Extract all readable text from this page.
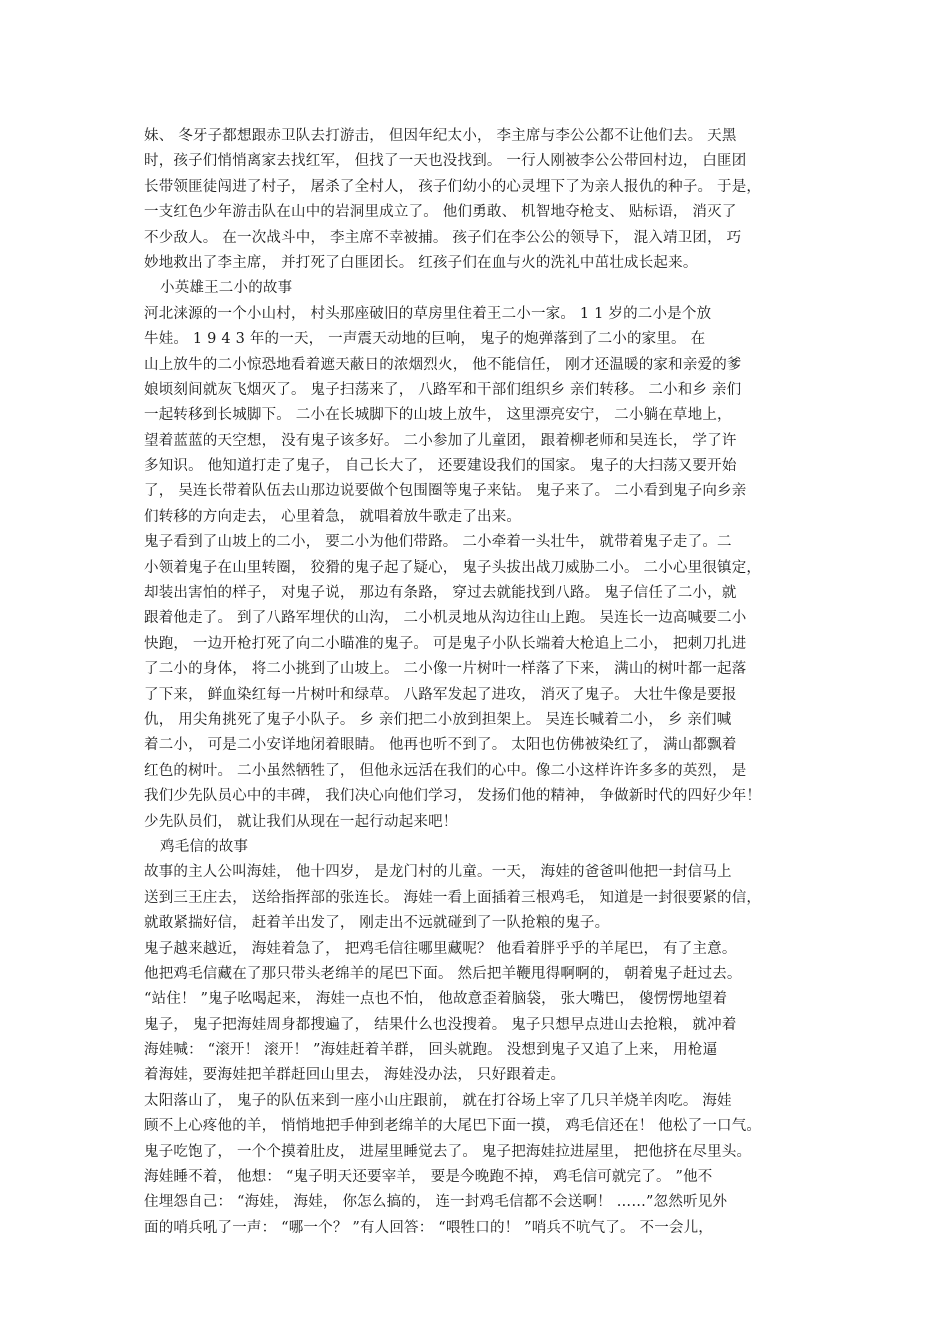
妹、 冬牙子都想跟赤卫队去打游击， 但因年纪太小， 李主席与李公公都不让他们去。 天黑
时，孩子们悄悄离家去找红军， 但找了一天也没找到。 一行人刚被李公公带回村边， 白匪团
长带领匪徒闯进了村子， 屠杀了全村人， 孩子们幼小的心灵埋下了为亲人报仇的种子。 于是，
一支红色少年游击队在山中的岩洞里成立了。 他们勇敢、 机智地夺枪支、 贴标语， 消灭了
不少敌人。 在一次战斗中， 李主席不幸被捕。 孩子们在李公公的领导下， 混入靖卫团， 巧
妙地救出了李主席， 并打死了白匪团长。 红孩子们在血与火的洗礼中茁壮成长起来。
小英雄王二小的故事
河北涞源的一个小山村， 村头那座破旧的草房里住着王二小一家。 1 1 岁的二小是个放
牛娃。 1 9 4 3 年的一天， 一声震天动地的巨响， 鬼子的炮弹落到了二小的家里。 在
山上放牛的二小惊恐地看着遮天蔽日的浓烟烈火， 他不能信任， 刚才还温暖的家和亲爱的爹
娘顷刻间就灰飞烟灭了。 鬼子扫荡来了， 八路军和干部们组织乡 亲们转移。 二小和乡 亲们
一起转移到长城脚下。 二小在长城脚下的山坡上放牛， 这里漂亮安宁， 二小躺在草地上，
望着蓝蓝的天空想， 没有鬼子该多好。 二小参加了儿童团， 跟着柳老师和吴连长， 学了许
多知识。 他知道打走了鬼子， 自己长大了， 还要建设我们的国家。 鬼子的大扫荡又要开始
了， 吴连长带着队伍去山那边说要做个包围圈等鬼子来钻。 鬼子来了。 二小看到鬼子向乡亲
们转移的方向走去， 心里着急， 就唱着放牛歌走了出来。
鬼子看到了山坡上的二小， 要二小为他们带路。 二小牵着一头壮牛， 就带着鬼子走了。二
小领着鬼子在山里转圈， 狡猾的鬼子起了疑心， 鬼子头拔出战刀威胁二小。 二小心里很镇定，
却装出害怕的样子， 对鬼子说， 那边有条路， 穿过去就能找到八路。 鬼子信任了二小，就
跟着他走了。 到了八路军埋伏的山沟， 二小机灵地从沟边往山上跑。 吴连长一边高喊要二小
快跑， 一边开枪打死了向二小瞄准的鬼子。 可是鬼子小队长端着大枪追上二小， 把刺刀扎进
了二小的身体， 将二小挑到了山坡上。 二小像一片树叶一样落了下来， 满山的树叶都一起落
了下来， 鲜血染红每一片树叶和绿草。 八路军发起了进攻， 消灭了鬼子。 大壮牛像是要报
仇， 用尖角挑死了鬼子小队子。 乡 亲们把二小放到担架上。 吴连长喊着二小， 乡 亲们喊
着二小， 可是二小安详地闭着眼睛。 他再也听不到了。 太阳也仿佛被染红了， 满山都飘着
红色的树叶。 二小虽然牺牲了， 但他永远活在我们的心中。像二小这样许许多多的英烈， 是
我们少先队员心中的丰碑， 我们决心向他们学习， 发扬们他的精神， 争做新时代的四好少年！
少先队员们， 就让我们从现在一起行动起来吧！
鸡毛信的故事
故事的主人公叫海娃， 他十四岁， 是龙门村的儿童。一天， 海娃的爸爸叫他把一封信马上
送到三王庄去， 送给指挥部的张连长。 海娃一看上面插着三根鸡毛， 知道是一封很要紧的信，
就敢紧揣好信， 赶着羊出发了， 刚走出不远就碰到了一队抢粮的鬼子。
鬼子越来越近， 海娃着急了， 把鸡毛信往哪里藏呢？ 他看着胖乎乎的羊尾巴， 有了主意。
他把鸡毛信藏在了那只带头老绵羊的尾巴下面。 然后把羊鞭甩得啊啊的， 朝着鬼子赶过去。
“站住！ ”鬼子吆喝起来， 海娃一点也不怕， 他故意歪着脑袋， 张大嘴巴， 傻愣愣地望着
鬼子， 鬼子把海娃周身都搜遍了， 结果什么也没搜着。 鬼子只想早点进山去抢粮， 就冲着
海娃喊： “滚开！ 滚开！ ”海娃赶着羊群， 回头就跑。 没想到鬼子又追了上来， 用枪逼
着海娃，要海娃把羊群赶回山里去， 海娃没办法， 只好跟着走。
太阳落山了， 鬼子的队伍来到一座小山庄跟前， 就在打谷场上宰了几只羊烧羊肉吃。 海娃
顾不上心疼他的羊， 悄悄地把手伸到老绵羊的大尾巴下面一摸， 鸡毛信还在！ 他松了一口气。
鬼子吃饱了， 一个个摸着肚皮， 进屋里睡觉去了。 鬼子把海娃拉进屋里， 把他挤在尽里头。
海娃睡不着， 他想： “鬼子明天还要宰羊， 要是今晚跑不掉， 鸡毛信可就完了。 ”他不
住埋怨自己： “海娃， 海娃， 你怎么搞的， 连一封鸡毛信都不会送啊！ ……”忽然听见外
面的哨兵吼了一声： “哪一个？ ”有人回答： “喂牲口的！ ”哨兵不吭气了。 不一会儿，
